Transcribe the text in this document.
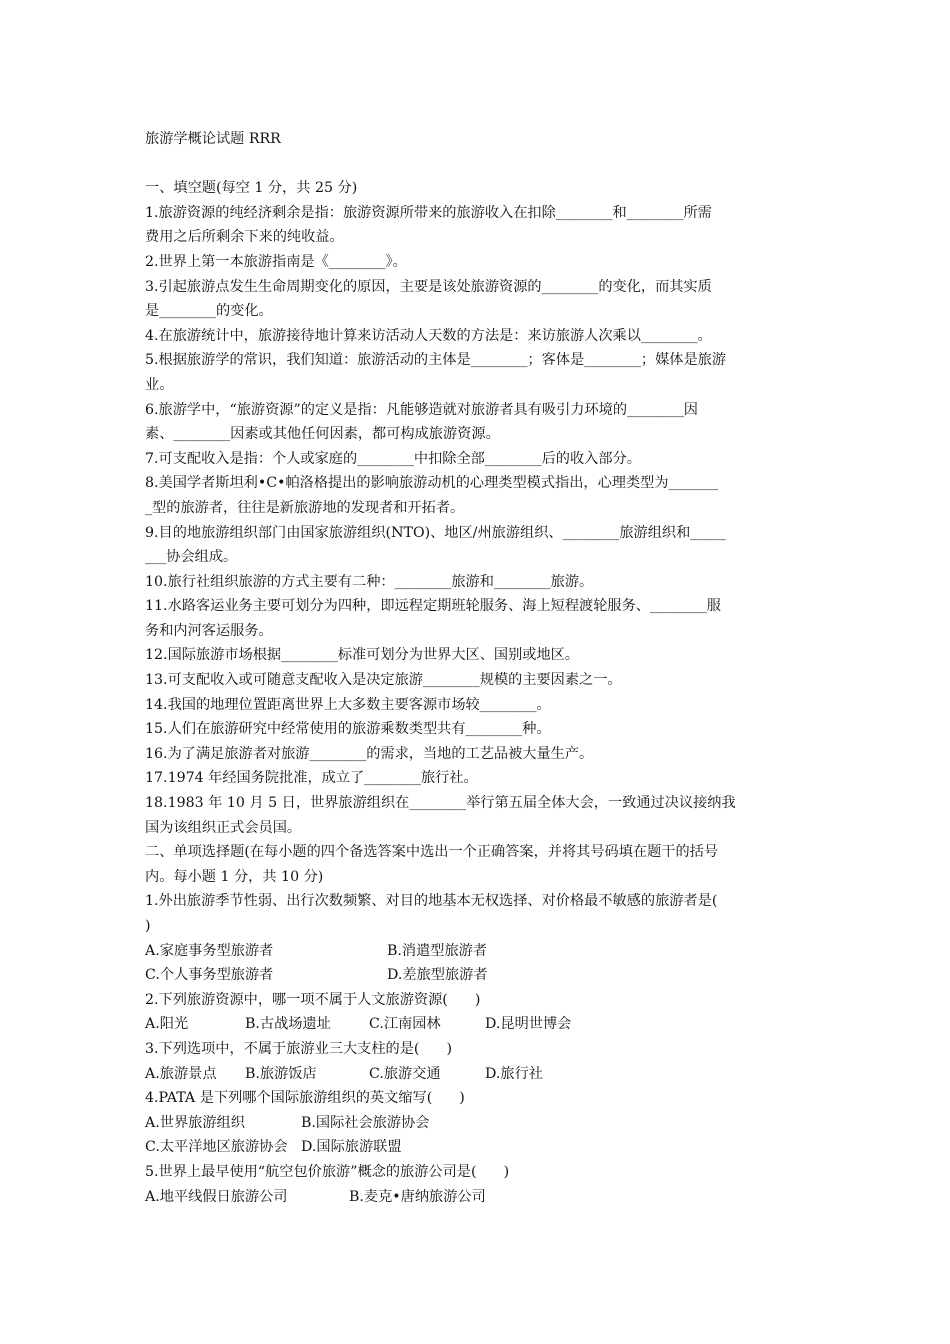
旅游学概论试题 RRR
一、填空题(每空 1 分，共 25 分)
1.旅游资源的纯经济剩余是指：旅游资源所带来的旅游收入在扣除________和________所需
费用之后所剩余下来的纯收益。
2.世界上第一本旅游指南是《________》。
3.引起旅游点发生生命周期变化的原因，主要是该处旅游资源的________的变化，而其实质
是________的变化。
4.在旅游统计中，旅游接待地计算来访活动人天数的方法是：来访旅游人次乘以________。
5.根据旅游学的常识，我们知道：旅游活动的主体是________；客体是________；媒体是旅游
业。
6.旅游学中，“旅游资源”的定义是指：凡能够造就对旅游者具有吸引力环境的________因
素、________因素或其他任何因素，都可构成旅游资源。
7.可支配收入是指：个人或家庭的________中扣除全部________后的收入部分。
8.美国学者斯坦利•C•帕洛格提出的影响旅游动机的心理类型模式指出，心理类型为_______
_型的旅游者，往往是新旅游地的发现者和开拓者。
9.目的地旅游组织部门由国家旅游组织(NTO)、地区/州旅游组织、________旅游组织和_____
___协会组成。
10.旅行社组织旅游的方式主要有二种：________旅游和________旅游。
11.水路客运业务主要可划分为四种，即远程定期班轮服务、海上短程渡轮服务、________服
务和内河客运服务。
12.国际旅游市场根据________标准可划分为世界大区、国别或地区。
13.可支配收入或可随意支配收入是决定旅游________规模的主要因素之一。
14.我国的地理位置距离世界上大多数主要客源市场较________。
15.人们在旅游研究中经常使用的旅游乘数类型共有________种。
16.为了满足旅游者对旅游________的需求，当地的工艺品被大量生产。
17.1974 年经国务院批准，成立了________旅行社。
18.1983 年 10 月 5 日，世界旅游组织在________举行第五届全体大会，一致通过决议接纳我
国为该组织正式会员国。
二、单项选择题(在每小题的四个备选答案中选出一个正确答案，并将其号码填在题干的括号
内。每小题 1 分，共 10 分)
1.外出旅游季节性弱、出行次数频繁、对目的地基本无权选择、对价格最不敏感的旅游者是(
)
A.家庭事务型旅游者	B.消遣型旅游者
C.个人事务型旅游者	D.差旅型旅游者
2.下列旅游资源中，哪一项不属于人文旅游资源(      )
A.阳光	B.古战场遗址	C.江南园林	D.昆明世博会
3.下列选项中，不属于旅游业三大支柱的是(      )
A.旅游景点	B.旅游饭店	C.旅游交通	D.旅行社
4.PATA 是下列哪个国际旅游组织的英文缩写(      )
A.世界旅游组织	B.国际社会旅游协会
C.太平洋地区旅游协会 D.国际旅游联盟
5.世界上最早使用“航空包价旅游”概念的旅游公司是(      )
A.地平线假日旅游公司	B.麦克•唐纳旅游公司
